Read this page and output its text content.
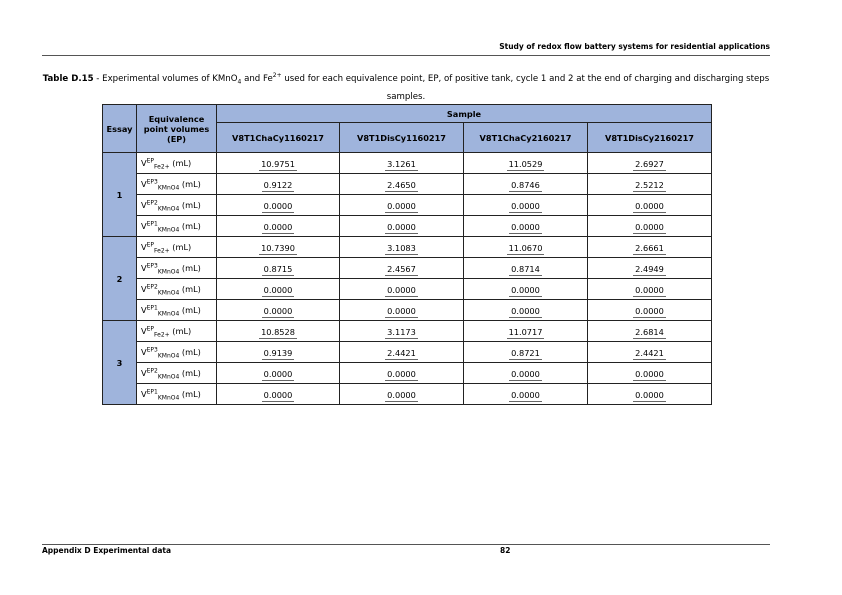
Study of redox flow battery systems for residential applications
Table D.15 - Experimental volumes of KMnO$_4$ and $Fe^{2+}$ used for each equivalence point, EP, of positive tank, cycle 1 and 2 at the end of charging and discharging steps samples.
Essay	Equivalence point volumes (EP)	Sample			
		V8T1ChaCy1160217	V8T1DisCy1160217	V8T1ChaCy2160217	V8T1DisCy2160217
1	$V^{EP}_{Fe2+}$ (mL)	10.9751	3.1261	11.0529	2.6927
	$V^{EP3}_{KMnO4}$ (mL)	0.9122	2.4650	0.8746	2.5212
	$V^{EP2}_{KMnO4}$ (mL)	0.0000	0.0000	0.0000	0.0000
	$V^{EP1}_{KMnO4}$ (mL)	0.0000	0.0000	0.0000	0.0000
2	$V^{EP}_{Fe2+}$ (mL)	10.7390	3.1083	11.0670	2.6661
	$V^{EP3}_{KMnO4}$ (mL)	0.8715	2.4567	0.8714	2.4949
	$V^{EP2}_{KMnO4}$ (mL)	0.0000	0.0000	0.0000	0.0000
	$V^{EP1}_{KMnO4}$ (mL)	0.0000	0.0000	0.0000	0.0000
3	$V^{EP}_{Fe2+}$ (mL)	10.8528	3.1173	11.0717	2.6814
	$V^{EP3}_{KMnO4}$ (mL)	0.9139	2.4421	0.8721	2.4421
	$V^{EP2}_{KMnO4}$ (mL)	0.0000	0.0000	0.0000	0.0000
	$V^{EP1}_{KMnO4}$ (mL)	0.0000	0.0000	0.0000	0.0000
Appendix D Experimental data	82
